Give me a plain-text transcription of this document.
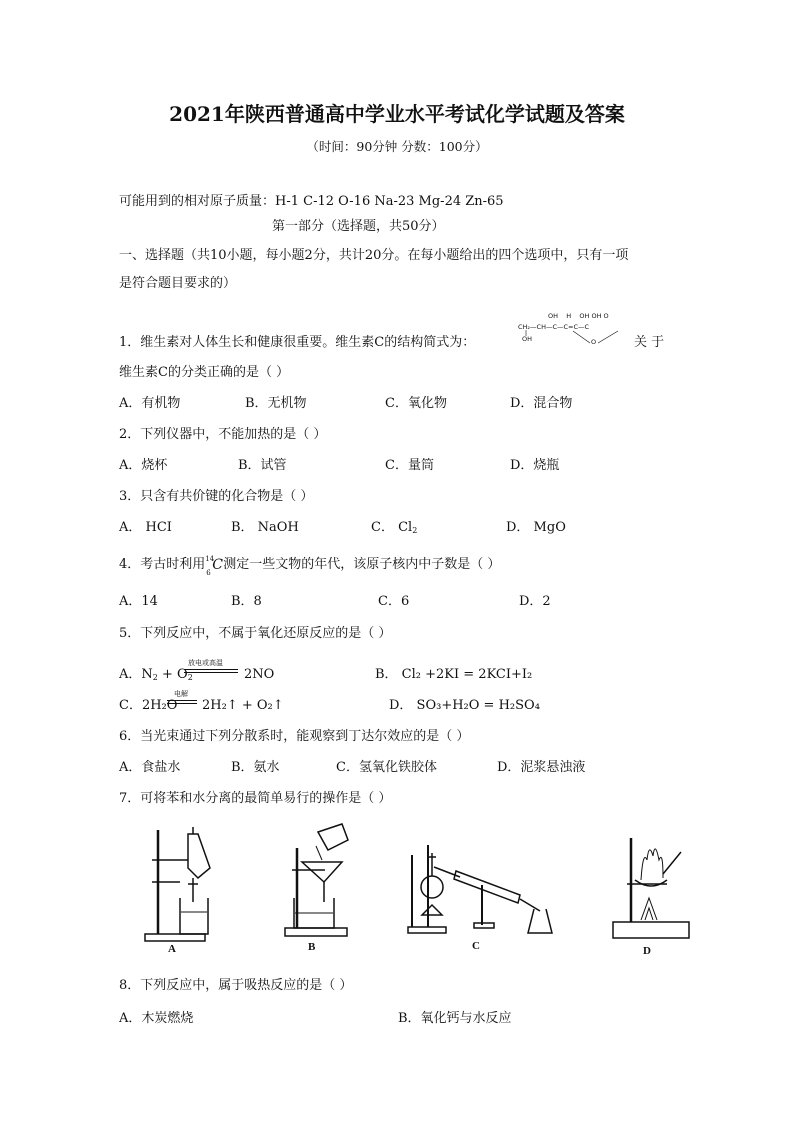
2021年陕西普通高中学业水平考试化学试题及答案
（时间：90分钟 分数：100分）
可能用到的相对原子质量：H-1 C-12 O-16 Na-23 Mg-24 Zn-65
第一部分（选择题，共50分）
一、选择题（共10小题，每小题2分，共计20分。在每小题给出的四个选项中，只有一项
是符合题目要求的）
1．维生素对人体生长和健康很重要。维生素C的结构简式为：
OH    H    OH OH O
CH₂—CH—C—C=C—C
OH	O	关 于
维生素C的分类正确的是（ ）
A．有机物	B．无机物	C．氧化物	D．混合物
2．下列仪器中，不能加热的是（ ）
A．烧杯	B．试管	C．量筒	D．烧瓶
3．只含有共价键的化合物是（ ）
A． HCI	B． NaOH	C． $Cl_2$	D． MgO
4．考古时利用 14
6 C 测定一些文物的年代，该原子核内中子数是（ ）
A．14	B．8	C．6	D．2
5．下列反应中，不属于氧化还原反应的是（ ）
A．$N_2 + O_2$
放电或高温
2NO	B． Cl₂ +2KI = 2KCI+I₂
C．2H₂O
电解
2H₂↑ + O₂↑	D． SO₃+H₂O = H₂SO₄
6．当光束通过下列分散系时，能观察到丁达尔效应的是（ ）
A．食盐水	B．氨水	C．氢氧化铁胶体	D．泥浆悬浊液
7．可将苯和水分离的最简单易行的操作是（ ）
A	B	C	D
8．下列反应中，属于吸热反应的是（ ）
A．木炭燃烧	B．氧化钙与水反应
